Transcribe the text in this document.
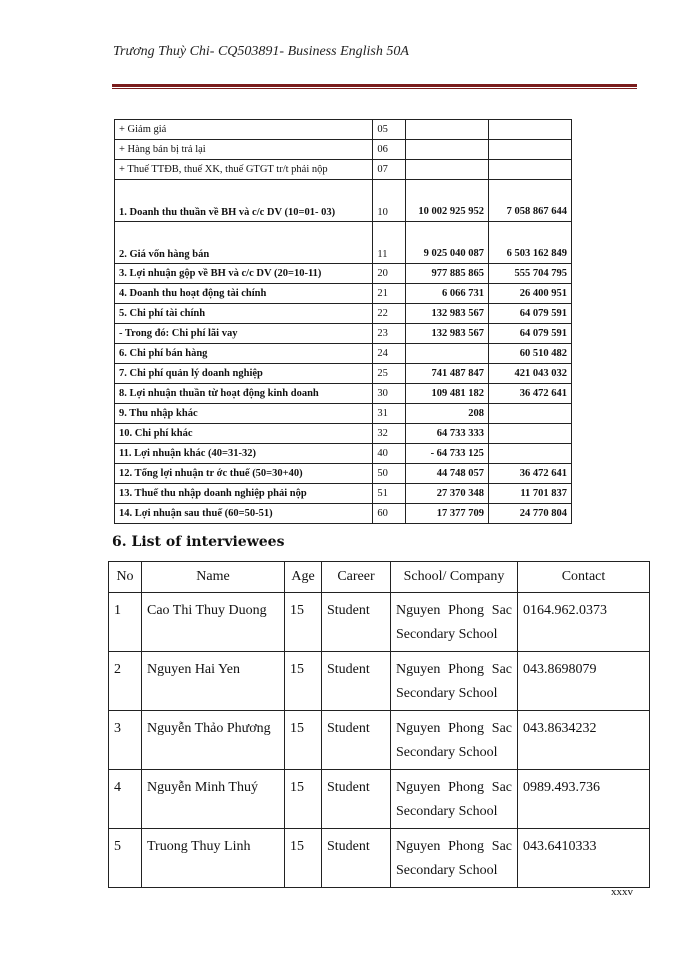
Trương Thuỳ Chi- CQ503891- Business English 50A
+ Giảm giá	05		
+ Hàng bán bị trả lại	06		
+ Thuế TTĐB, thuế XK, thuế GTGT tr/t phải nộp	07		
1. Doanh thu thuần về BH và c/c DV (10=01- 03)	10	10 002 925 952	7 058 867 644
2. Giá vốn hàng bán	11	9 025 040 087	6 503 162 849
3. Lợi nhuận gộp về BH và c/c DV (20=10-11)	20	977 885 865	555 704 795
4. Doanh thu hoạt động tài chính	21	6 066 731	26 400 951
5. Chi phí tài chính	22	132 983 567	64 079 591
- Trong đó: Chi phí lãi vay	23	132 983 567	64 079 591
6. Chi phí bán hàng	24		60 510 482
7. Chi phí quản lý doanh nghiệp	25	741 487 847	421 043 032
8. Lợi nhuận thuần từ hoạt động kinh doanh	30	109 481 182	36 472 641
9. Thu nhập khác	31	208	
10. Chi phí khác	32	64 733 333	
11. Lợi nhuận khác (40=31-32)	40	- 64 733 125	
12. Tổng lợi nhuận tr ớc thuế (50=30+40)	50	44 748 057	36 472 641
13. Thuế thu nhập doanh nghiệp phải nộp	51	27 370 348	11 701 837
14. Lợi nhuận sau thuế (60=50-51)	60	17 377 709	24 770 804
6. List of interviewees
No	Name	Age	Career	School/ Company	Contact
1	Cao Thi Thuy Duong	15	Student	Nguyen Phong Sac Secondary School	0164.962.0373
2	Nguyen Hai Yen	15	Student	Nguyen Phong Sac Secondary School	043.8698079
3	Nguyễn Thảo Phương	15	Student	Nguyen Phong Sac Secondary School	043.8634232
4	Nguyễn Minh Thuý	15	Student	Nguyen Phong Sac Secondary School	0989.493.736
5	Truong Thuy Linh	15	Student	Nguyen Phong Sac Secondary School	043.6410333
xxxv
